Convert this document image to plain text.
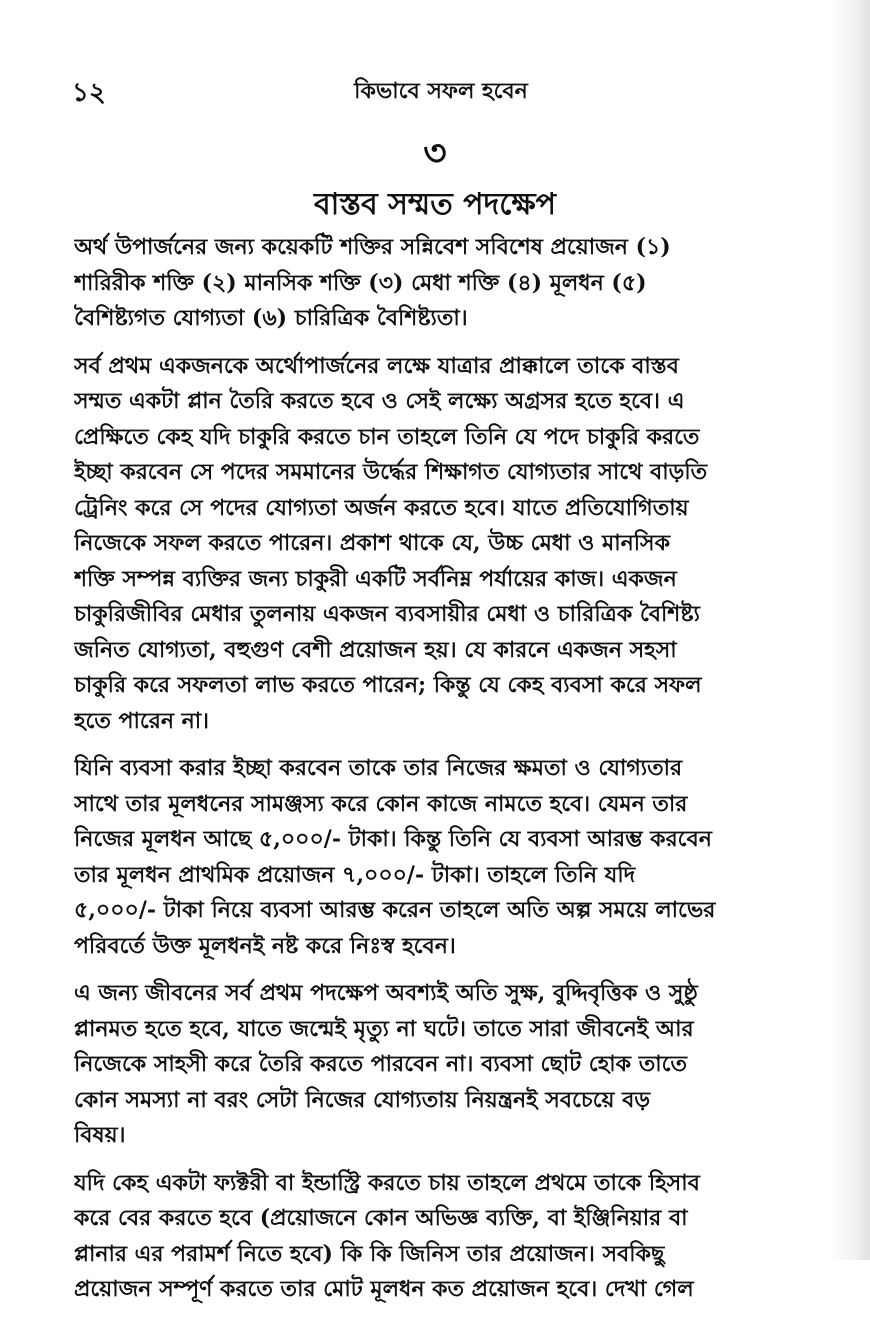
১২	কিভাবে সফল হবেন
৩
বাস্তব সম্মত পদক্ষেপ

অর্থ উপার্জনের জন্য কয়েকটি শক্তির সন্নিবেশ সবিশেষ প্রয়োজন (১)
শারিরীক শক্তি (২) মানসিক শক্তি (৩) মেধা শক্তি (৪) মূলধন (৫)
বৈশিষ্ট্যগত যোগ্যতা (৬) চারিত্রিক বৈশিষ্ট্যতা।

সর্ব প্রথম একজনকে অর্থোপার্জনের লক্ষে যাত্রার প্রাক্কালে তাকে বাস্তব
সম্মত একটা প্লান তৈরি করতে হবে ও সেই লক্ষ্যে অগ্রসর হতে হবে। এ
প্রেক্ষিতে কেহ যদি চাকুরি করতে চান তাহলে তিনি যে পদে চাকুরি করতে
ইচ্ছা করবেন সে পদের সমমানের উর্দ্ধের শিক্ষাগত যোগ্যতার সাথে বাড়তি
ট্রেনিং করে সে পদের যোগ্যতা অর্জন করতে হবে। যাতে প্রতিযোগিতায়
নিজেকে সফল করতে পারেন। প্রকাশ থাকে যে, উচ্চ মেধা ও মানসিক
শক্তি সম্পন্ন ব্যক্তির জন্য চাকুরী একটি সর্বনিম্ন পর্যায়ের কাজ। একজন
চাকুরিজীবির মেধার তুলনায় একজন ব্যবসায়ীর মেধা ও চারিত্রিক বৈশিষ্ট্য
জনিত যোগ্যতা, বহুগুণ বেশী প্রয়োজন হয়। যে কারনে একজন সহসা
চাকুরি করে সফলতা লাভ করতে পারেন; কিন্তু যে কেহ ব্যবসা করে সফল
হতে পারেন না।

যিনি ব্যবসা করার ইচ্ছা করবেন তাকে তার নিজের ক্ষমতা ও যোগ্যতার
সাথে তার মূলধনের সামঞ্জস্য করে কোন কাজে নামতে হবে। যেমন তার
নিজের মূলধন আছে ৫,০০০/- টাকা। কিন্তু তিনি যে ব্যবসা আরম্ভ করবেন
তার মূলধন প্রাথমিক প্রয়োজন ৭,০০০/- টাকা। তাহলে তিনি যদি
৫,০০০/- টাকা নিয়ে ব্যবসা আরম্ভ করেন তাহলে অতি অল্প সময়ে লাভের
পরিবর্তে উক্ত মূলধনই নষ্ট করে নিঃস্ব হবেন।

এ জন্য জীবনের সর্ব প্রথম পদক্ষেপ অবশ্যই অতি সুক্ষ, বুদ্দিবৃত্তিক ও সুষ্ঠু
প্লানমত হতে হবে, যাতে জন্মেই মৃত্যু না ঘটে। তাতে সারা জীবনেই আর
নিজেকে সাহসী করে তৈরি করতে পারবেন না। ব্যবসা ছোট হোক তাতে
কোন সমস্যা না বরং সেটা নিজের যোগ্যতায় নিয়ন্ত্রনই সবচেয়ে বড়
বিষয়।

যদি কেহ একটা ফ্যক্টরী বা ইন্ডাস্ট্রি করতে চায় তাহলে প্রথমে তাকে হিসাব
করে বের করতে হবে (প্রয়োজনে কোন অভিজ্ঞ ব্যক্তি, বা ইঞ্জিনিয়ার বা
প্লানার এর পরামর্শ নিতে হবে) কি কি জিনিস তার প্রয়োজন। সবকিছু
প্রয়োজন সম্পূর্ণ করতে তার মোট মূলধন কত প্রয়োজন হবে। দেখা গেল
